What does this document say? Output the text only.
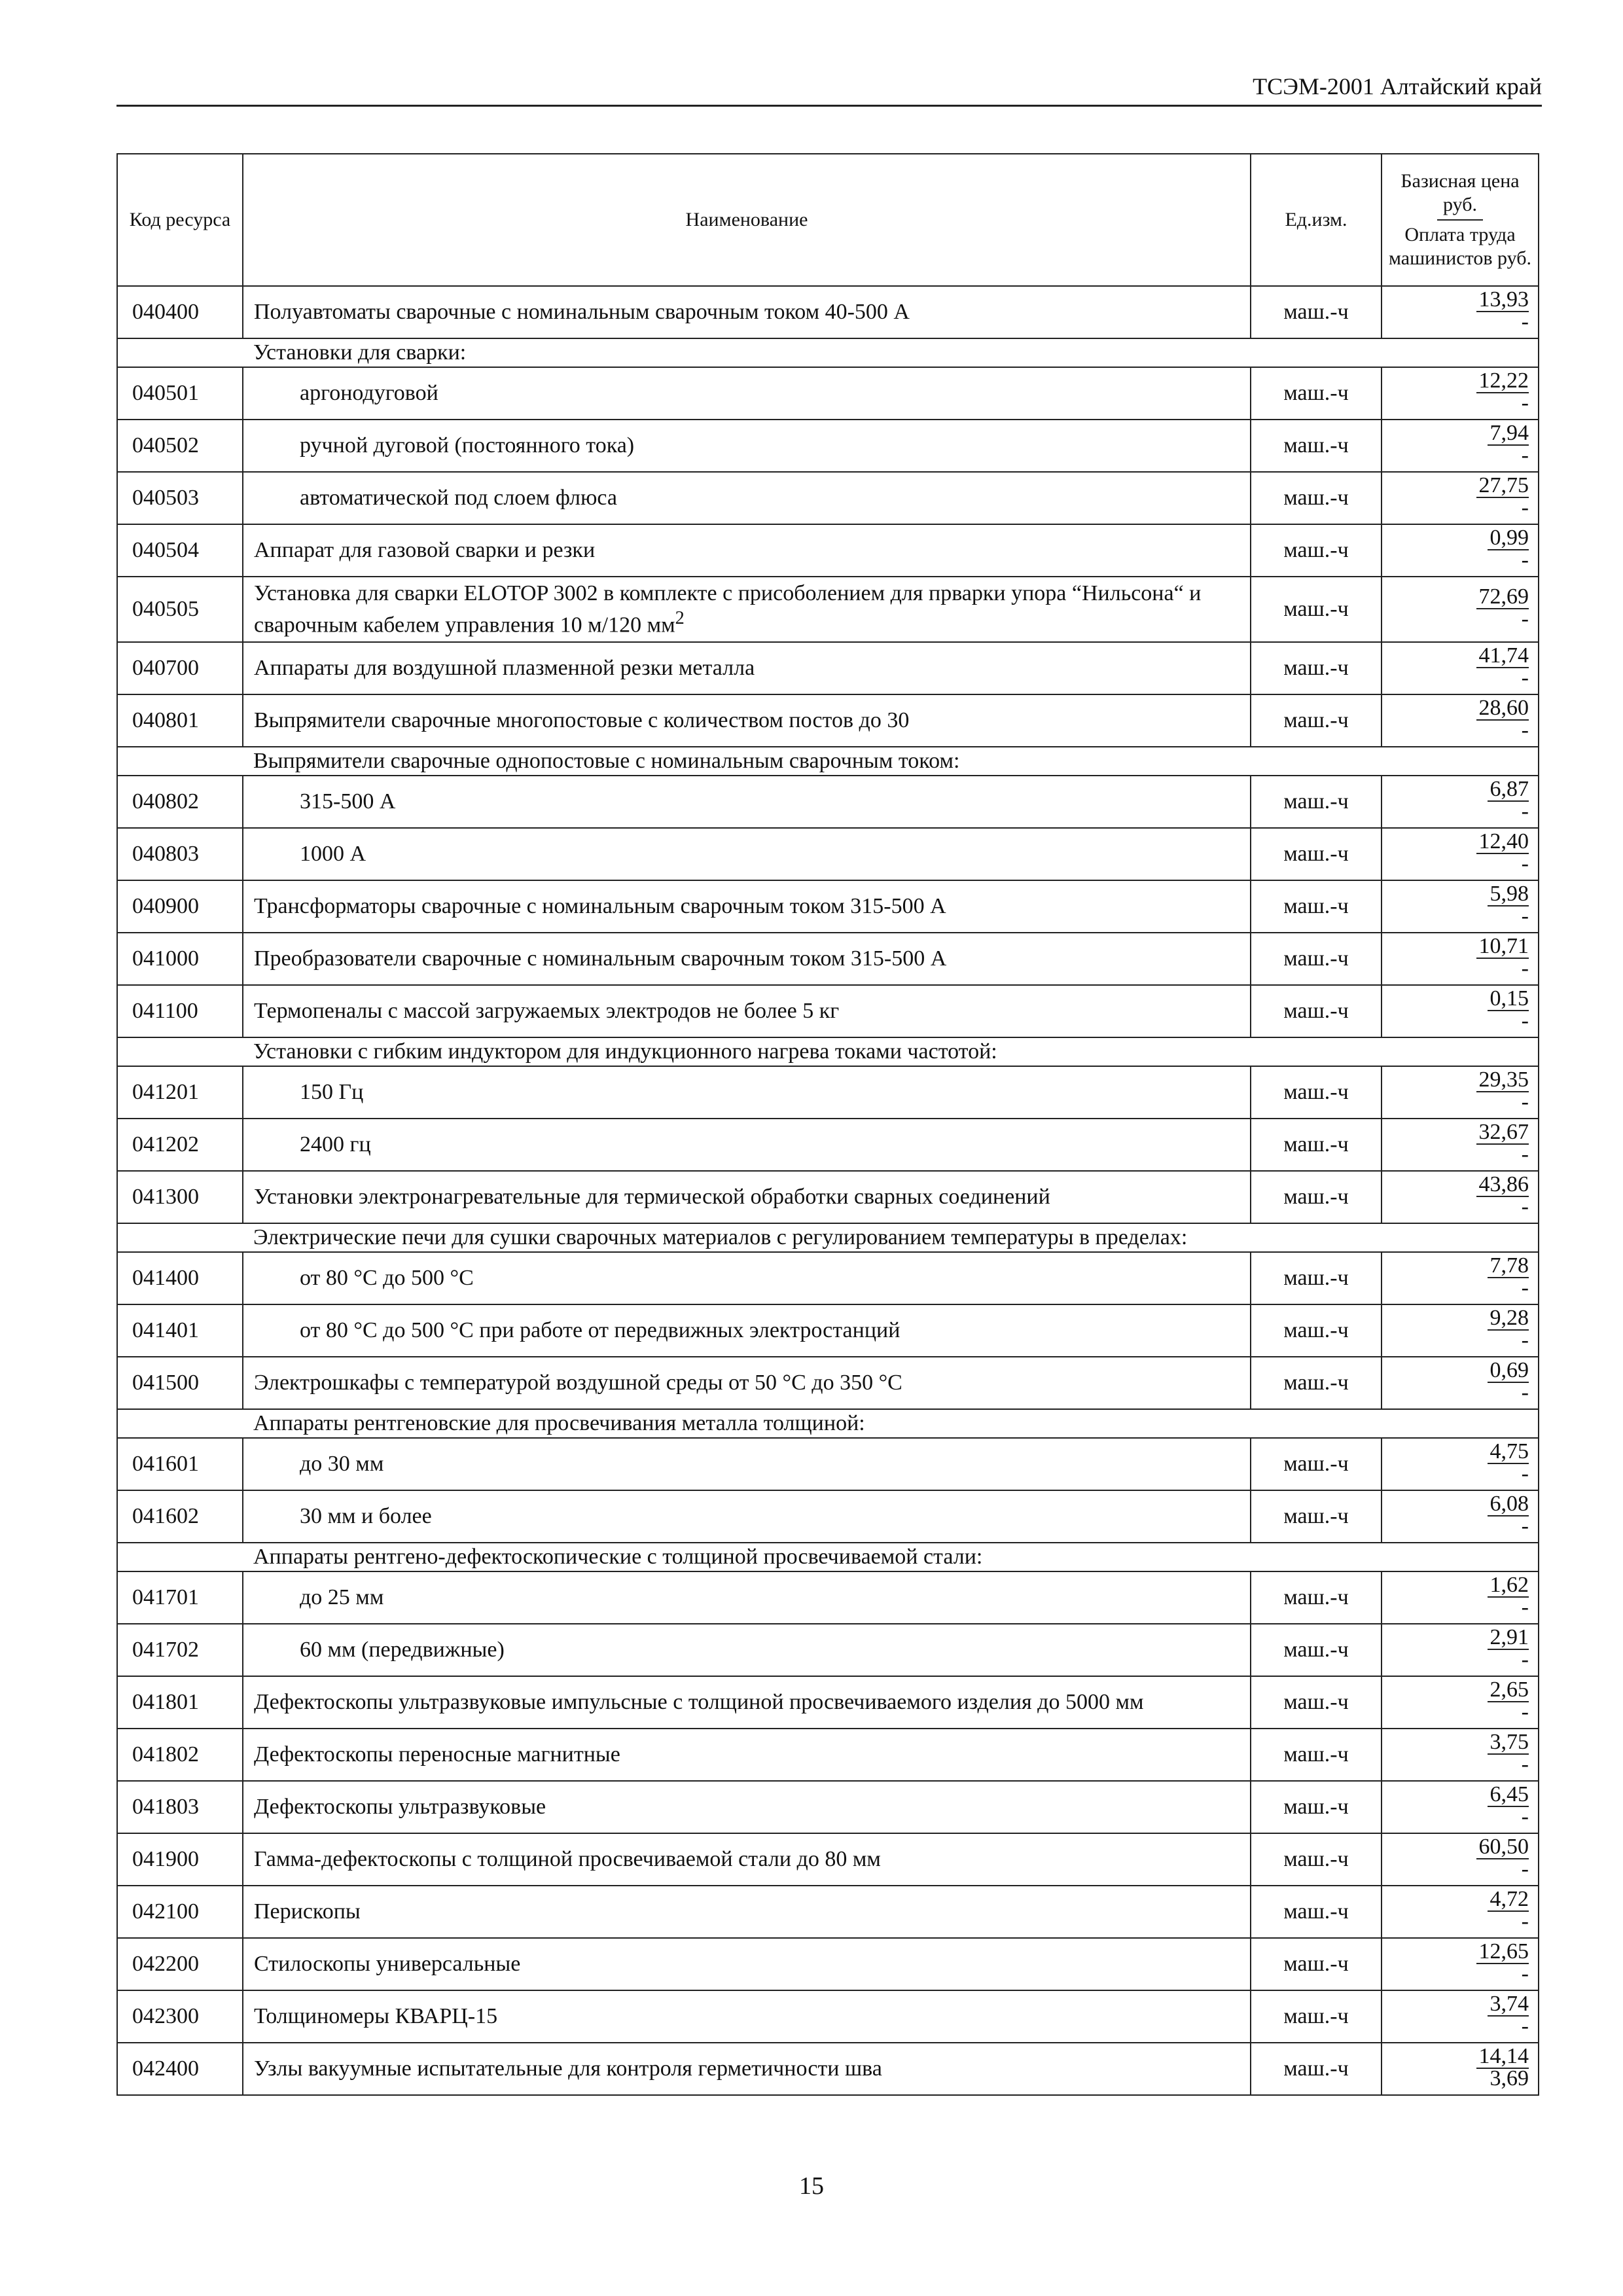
ТСЭМ-2001 Алтайский край
Код ресурса	Наименование	Ед.изм.	Базисная цена руб.
Оплата труда машинистов руб.
040400	Полуавтоматы сварочные с номинальным сварочным током 40-500 А	маш.-ч	$\frac{13,93}{-}$

	Установки для сварки:		
040501	аргонодуговой	маш.-ч	$\frac{12,22}{-}$

040502	ручной дуговой (постоянного тока)	маш.-ч	$\frac{7,94}{-}$

040503	автоматической под слоем флюса	маш.-ч	$\frac{27,75}{-}$

040504	Аппарат для газовой сварки и резки	маш.-ч	$\frac{0,99}{-}$

040505	Установка для сварки ELOTOP 3002 в комплекте с присоболением для прварки упора “Нильсона“ и сварочным кабелем управления 10 м/120 $мм^2$	маш.-ч	$\frac{72,69}{-}$

040700	Аппараты для воздушной плазменной резки металла	маш.-ч	$\frac{41,74}{-}$

040801	Выпрямители сварочные многопостовые с количеством постов до 30	маш.-ч	$\frac{28,60}{-}$

	Выпрямители сварочные однопостовые с номинальным сварочным током:		
040802	315-500 А	маш.-ч	$\frac{6,87}{-}$

040803	1000 А	маш.-ч	$\frac{12,40}{-}$

040900	Трансформаторы сварочные с номинальным сварочным током 315-500 А	маш.-ч	$\frac{5,98}{-}$

041000	Преобразователи сварочные с номинальным сварочным током 315-500 А	маш.-ч	$\frac{10,71}{-}$

041100	Термопеналы с массой загружаемых электродов не более 5 кг	маш.-ч	$\frac{0,15}{-}$

	Установки с гибким индуктором для индукционного нагрева токами частотой:		
041201	150 Гц	маш.-ч	$\frac{29,35}{-}$

041202	2400 гц	маш.-ч	$\frac{32,67}{-}$

041300	Установки электронагревательные для термической обработки сварных соединений	маш.-ч	$\frac{43,86}{-}$

	Электрические печи для сушки сварочных материалов с регулированием температуры в пределах:		
041400	от 80 °С до 500 °С	маш.-ч	$\frac{7,78}{-}$

041401	от 80 °С до 500 °С при работе от передвижных электростанций	маш.-ч	$\frac{9,28}{-}$

041500	Электрошкафы с температурой воздушной среды от 50 °С до 350 °С	маш.-ч	$\frac{0,69}{-}$

	Аппараты рентгеновские для просвечивания металла толщиной:		
041601	до 30 мм	маш.-ч	$\frac{4,75}{-}$

041602	30 мм и более	маш.-ч	$\frac{6,08}{-}$

	Аппараты рентгено-дефектоскопические с толщиной просвечиваемой стали:		
041701	до 25 мм	маш.-ч	$\frac{1,62}{-}$

041702	60 мм (передвижные)	маш.-ч	$\frac{2,91}{-}$

041801	Дефектоскопы ультразвуковые импульсные с толщиной просвечиваемого изделия до 5000 мм	маш.-ч	$\frac{2,65}{-}$

041802	Дефектоскопы переносные магнитные	маш.-ч	$\frac{3,75}{-}$

041803	Дефектоскопы ультразвуковые	маш.-ч	$\frac{6,45}{-}$

041900	Гамма-дефектоскопы с толщиной просвечиваемой стали до 80 мм	маш.-ч	$\frac{60,50}{-}$

042100	Перископы	маш.-ч	$\frac{4,72}{-}$

042200	Стилоскопы универсальные	маш.-ч	$\frac{12,65}{-}$

042300	Толщиномеры КВАРЦ-15	маш.-ч	$\frac{3,74}{-}$

042400	Узлы вакуумные испытательные для контроля герметичности шва	маш.-ч	$\frac{14,14}{3,69}$
15
